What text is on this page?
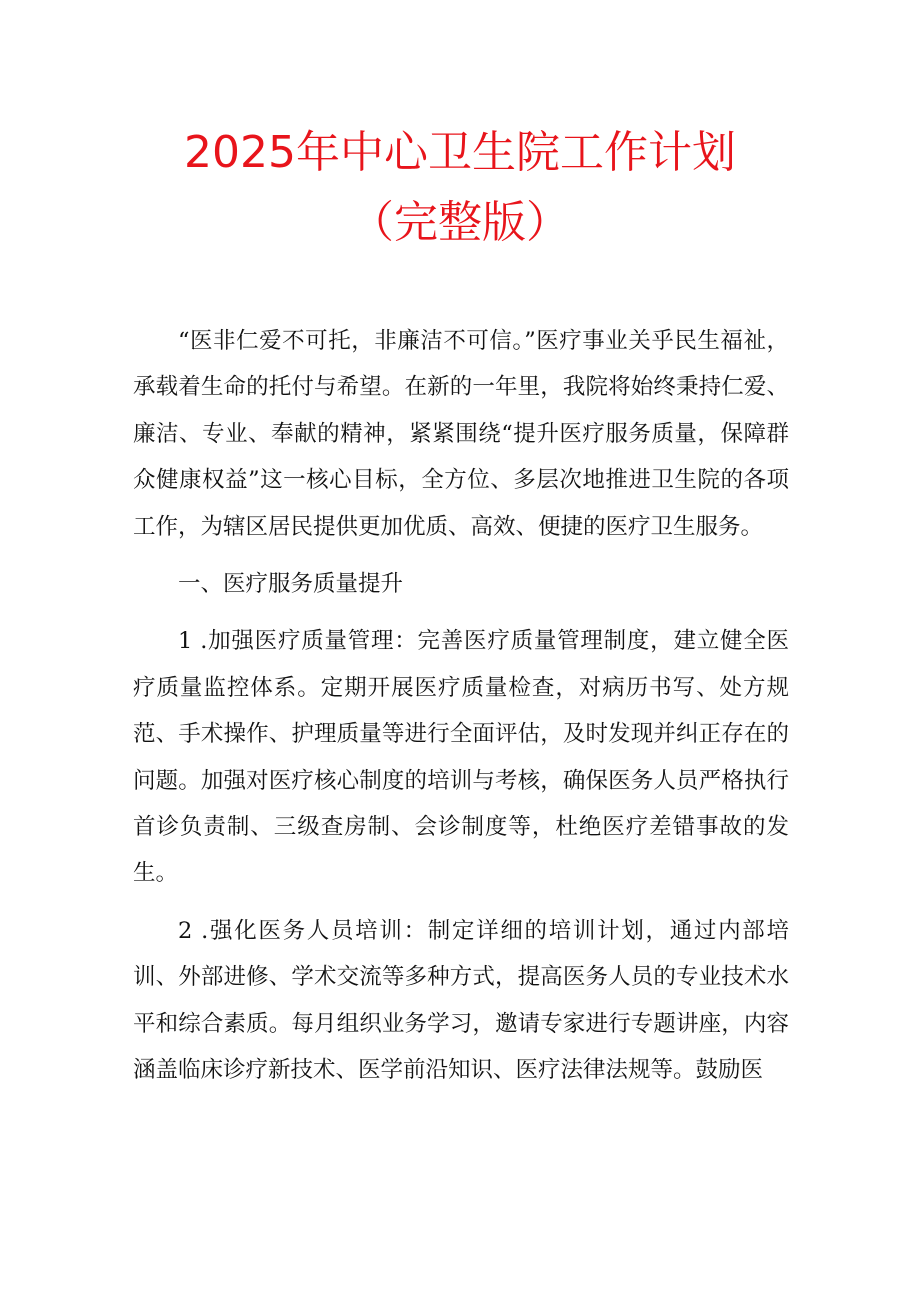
2025年中心卫生院工作计划
（完整版）

“医非仁爱不可托，非廉洁不可信。”医疗事业关乎民生福祉，承载着生命的托付与希望。在新的一年里，我院将始终秉持仁爱、廉洁、专业、奉献的精神，紧紧围绕“提升医疗服务质量，保障群众健康权益”这一核心目标，全方位、多层次地推进卫生院的各项工作，为辖区居民提供更加优质、高效、便捷的医疗卫生服务。

一、医疗服务质量提升

1 .加强医疗质量管理：完善医疗质量管理制度，建立健全医疗质量监控体系。定期开展医疗质量检查，对病历书写、处方规范、手术操作、护理质量等进行全面评估，及时发现并纠正存在的问题。加强对医疗核心制度的培训与考核，确保医务人员严格执行首诊负责制、三级查房制、会诊制度等，杜绝医疗差错事故的发生。

2 .强化医务人员培训：制定详细的培训计划，通过内部培训、外部进修、学术交流等多种方式，提高医务人员的专业技术水平和综合素质。每月组织业务学习，邀请专家进行专题讲座，内容涵盖临床诊疗新技术、医学前沿知识、医疗法律法规等。鼓励医
